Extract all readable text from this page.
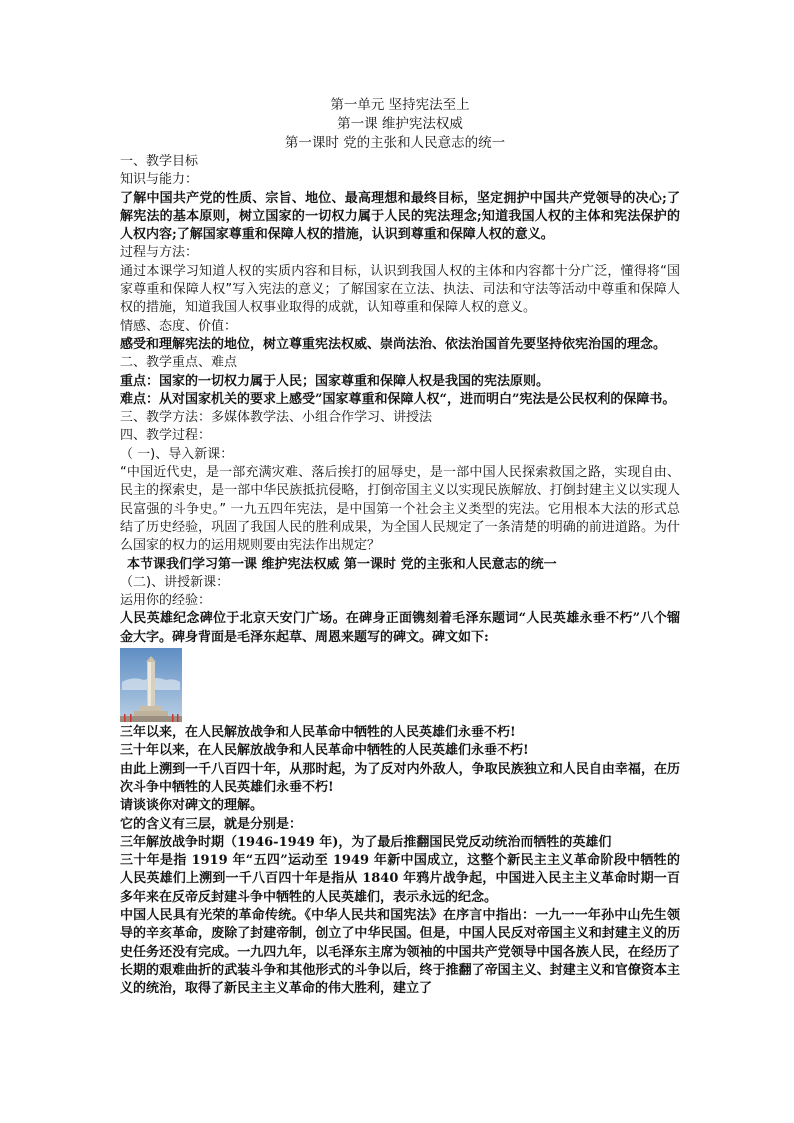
第一单元 坚持宪法至上
第一课 维护宪法权威
第一课时 党的主张和人民意志的统一
一、教学目标
知识与能力：
了解中国共产党的性质、宗旨、地位、最高理想和最终目标，坚定拥护中国共产党领导的决心;了解宪法的基本原则，树立国家的一切权力属于人民的宪法理念;知道我国人权的主体和宪法保护的人权内容;了解国家尊重和保障人权的措施，认识到尊重和保障人权的意义。
过程与方法：
通过本课学习知道人权的实质内容和目标，认识到我国人权的主体和内容都十分广泛，懂得将“国家尊重和保障人权”写入宪法的意义；了解国家在立法、执法、司法和守法等活动中尊重和保障人权的措施，知道我国人权事业取得的成就，认知尊重和保障人权的意义。
情感、态度、价值：
感受和理解宪法的地位，树立尊重宪法权威、崇尚法治、依法治国首先要坚持依宪治国的理念。
二、教学重点、难点
重点：国家的一切权力属于人民；国家尊重和保障人权是我国的宪法原则。
难点：从对国家机关的要求上感受”国家尊重和保障人权“，进而明白”宪法是公民权利的保障书。
三、教学方法：多媒体教学法、小组合作学习、讲授法
四、教学过程：
（ 一)、导入新课：
“中国近代史，是一部充满灾难、落后挨打的屈辱史，是一部中国人民探索救国之路，实现自由、民主的探索史，是一部中华民族抵抗侵略，打倒帝国主义以实现民族解放、打倒封建主义以实现人民富强的斗争史。” 一九五四年宪法，是中国第一个社会主义类型的宪法。它用根本大法的形式总结了历史经验，巩固了我国人民的胜利成果，为全国人民规定了一条清楚的明确的前进道路。为什么国家的权力的运用规则要由宪法作出规定？
本节课我们学习第一课 维护宪法权威 第一课时 党的主张和人民意志的统一
（二)、讲授新课：
运用你的经验：
人民英雄纪念碑位于北京天安门广场。在碑身正面镌刻着毛泽东题词“人民英雄永垂不朽”八个镏金大字。碑身背面是毛泽东起草、周恩来题写的碑文。碑文如下:
三年以来，在人民解放战争和人民革命中牺牲的人民英雄们永垂不朽!
三十年以来，在人民解放战争和人民革命中牺牲的人民英雄们永垂不朽!
由此上溯到一千八百四十年，从那时起，为了反对内外敌人，争取民族独立和人民自由幸福，在历次斗争中牺牲的人民英雄们永垂不朽!
请谈谈你对碑文的理解。
它的含义有三层，就是分别是：
三年解放战争时期（1946-1949 年)，为了最后推翻国民党反动统治而牺牲的英雄们
三十年是指 1919 年“五四”运动至 1949 年新中国成立，这整个新民主主义革命阶段中牺牲的人民英雄们上溯到一千八百四十年是指从 1840 年鸦片战争起，中国进入民主主义革命时期一百多年来在反帝反封建斗争中牺牲的人民英雄们，表示永远的纪念。
中国人民具有光荣的革命传统。《中华人民共和国宪法》在序言中指出：一九一一年孙中山先生领导的辛亥革命，废除了封建帝制，创立了中华民国。但是，中国人民反对帝国主义和封建主义的历史任务还没有完成。一九四九年，以毛泽东主席为领袖的中国共产党领导中国各族人民，在经历了长期的艰难曲折的武装斗争和其他形式的斗争以后，终于推翻了帝国主义、封建主义和官僚资本主义的统治，取得了新民主主义革命的伟大胜利，建立了
